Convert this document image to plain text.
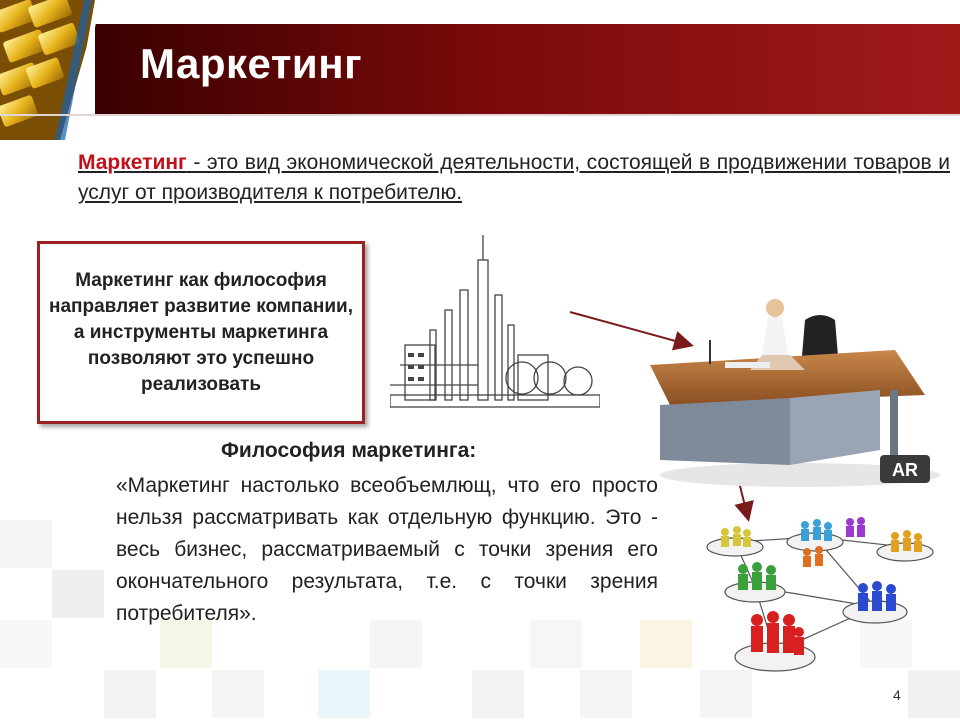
Маркетинг
Маркетинг - это вид экономической деятельности, состоящей в продвижении товаров и услуг от производителя к потребителю.
Маркетинг как философия направляет развитие компании, а инструменты маркетинга позволяют это успешно реализовать
AR
Философия маркетинга:
«Маркетинг настолько всеобъемлющ, что его просто нельзя рассматривать как отдельную функцию. Это - весь бизнес, рассматриваемый с точки зрения его окончательного результата, т.е. с точки зрения потребителя».
4
